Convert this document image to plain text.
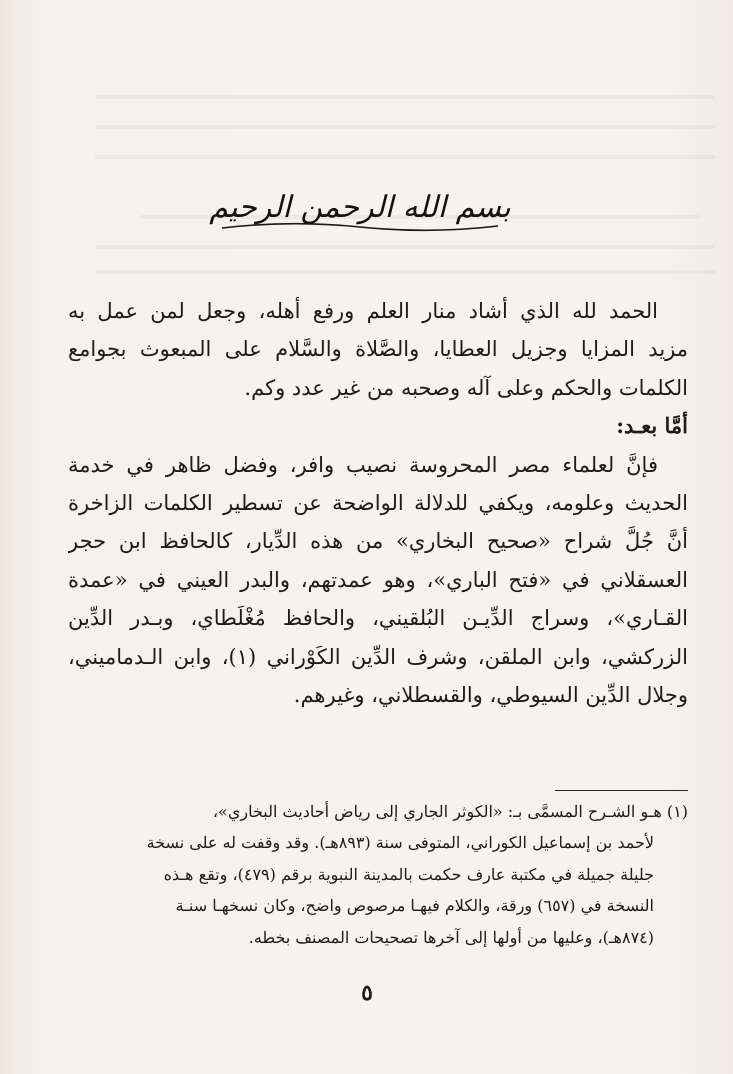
بسم الله الرحمن الرحيم
الحمد لله الذي أشاد منار العلم ورفع أهله، وجعل لمن عمل به
مزيد المزايا وجزيل العطايا، والصَّلاة والسَّلام على المبعوث بجوامع
الكلمات والحكم وعلى آله وصحبه من غير عدد وكم.
أمَّا بعـد:
فإنَّ لعلماء مصر المحروسة نصيب وافر، وفضل ظاهر في خدمة
الحديث وعلومه، ويكفي للدلالة الواضحة عن تسطير الكلمات الزاخرة
أنَّ جُلَّ شراح «صحيح البخاري» من هذه الدِّيار، كالحافظ ابن حجر
العسقلاني في «فتح الباري»، وهو عمدتهم، والبدر العيني في «عمدة
القـاري»، وسراج الدِّيـن البُلقيني، والحافظ مُغْلَطاي، وبـدر الدِّين
الزركشي، وابن الملقن، وشرف الدِّين الكَوْراني (١)، وابن الـدماميني،
وجلال الدِّين السيوطي، والقسطلاني، وغيرهم.
(١) هـو الشـرح المسمَّى بـ: «الكوثر الجاري إلى رياض أحاديث البخاري»،
لأحمد بن إسماعيل الكوراني، المتوفى سنة (٨٩٣هـ). وقد وقفت له على نسخة
جليلة جميلة في مكتبة عارف حكمت بالمدينة النبوية برقم (٤٧٩)، وتقع هـذه
النسخة في (٦٥٧) ورقة، والكلام فيهـا مرصوص واضح، وكان نسخهـا سنـة
(٨٧٤هـ)، وعليها من أولها إلى آخرها تصحيحات المصنف بخطه.
٥
